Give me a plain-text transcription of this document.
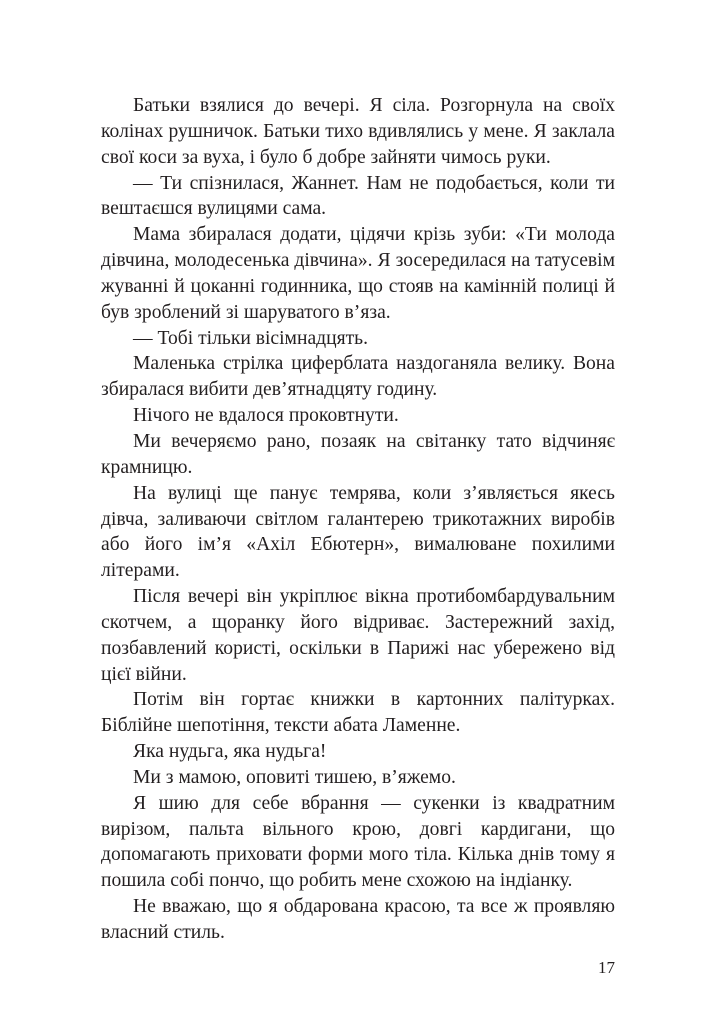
Батьки взялися до вечері. Я сіла. Розгорнула на своїх колінах рушничок. Батьки тихо вдивлялись у мене. Я заклала свої коси за вуха, і було б добре зайняти чимось руки.

— Ти спізнилася, Жаннет. Нам не подобається, коли ти вештаєшся вулицями сама.

Мама збиралася додати, цідячи крізь зуби: «Ти молода дівчина, молодесенька дівчина». Я зосередилася на татусевім жуванні й цоканні годинника, що стояв на камінній полиці й був зроблений зі шаруватого в’яза.

— Тобі тільки вісімнадцять.

Маленька стрілка циферблата наздоганяла велику. Вона збиралася вибити дев’ятнадцяту годину.

Нічого не вдалося проковтнути.

Ми вечеряємо рано, позаяк на світанку тато відчиняє крамницю.

На вулиці ще панує темрява, коли з’являється якесь дівча, заливаючи світлом галантерею трикотажних виробів або його ім’я «Ахіл Ебютерн», вималюване похилими літерами.

Після вечері він укріплює вікна протибомбардувальним скотчем, а щоранку його відриває. Застережний захід, позбавлений користі, оскільки в Парижі нас убережено від цієї війни.

Потім він гортає книжки в картонних палітурках. Біблійне шепотіння, тексти абата Ламенне.

Яка нудьга, яка нудьга!

Ми з мамою, оповиті тишею, в’яжемо.

Я шию для себе вбрання — сукенки із квадратним вирізом, пальта вільного крою, довгі кардигани, що допомагають приховати форми мого тіла. Кілька днів тому я пошила собі пончо, що робить мене схожою на індіанку.

Не вважаю, що я обдарована красою, та все ж проявляю власний стиль.

17
